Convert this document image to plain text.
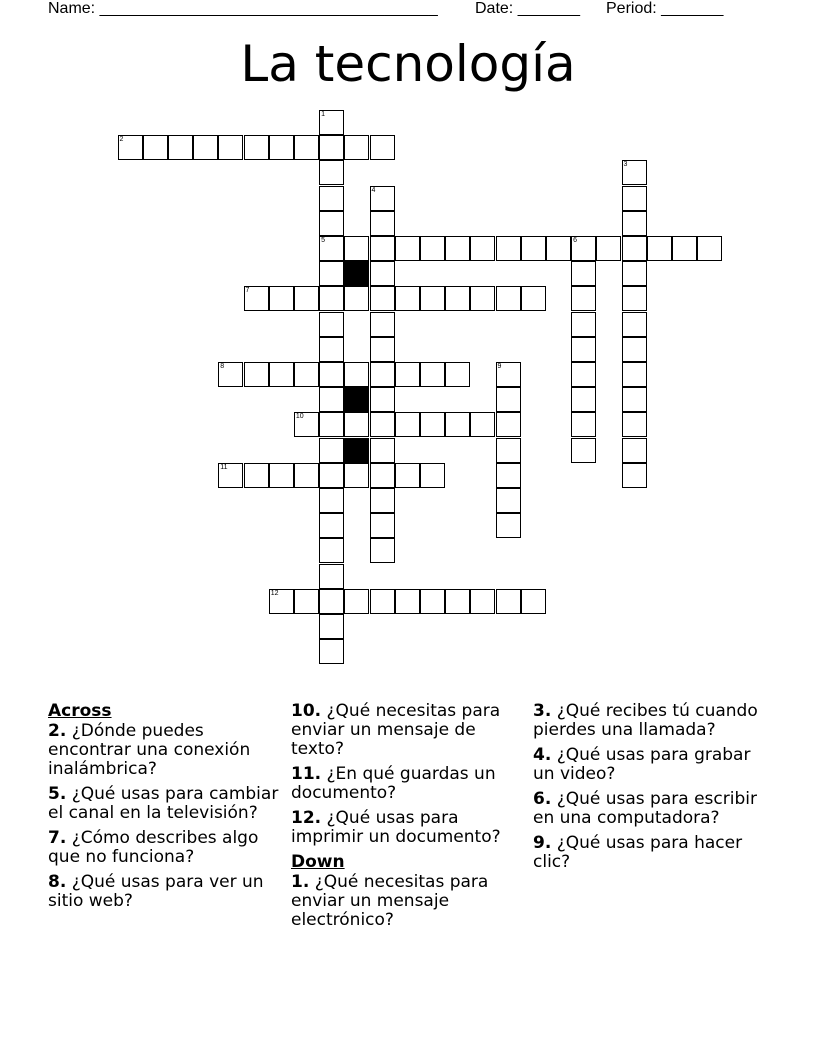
Name: ______________________________________

Date: _______

Period: _______

La tecnología
2
1
5
3
4
6
7
8	9
10
11
12
Across
2. ¿Dónde puedes encontrar una conexión inalámbrica?
5. ¿Qué usas para cambiar el canal en la televisión?
7. ¿Cómo describes algo que no funciona?
8. ¿Qué usas para ver un sitio web?
10. ¿Qué necesitas para enviar un mensaje de texto?
11. ¿En qué guardas un documento?
12. ¿Qué usas para imprimir un documento?
Down
1. ¿Qué necesitas para enviar un mensaje electrónico?
3. ¿Qué recibes tú cuando pierdes una llamada?
4. ¿Qué usas para grabar un video?
6. ¿Qué usas para escribir en una computadora?
9. ¿Qué usas para hacer clic?
